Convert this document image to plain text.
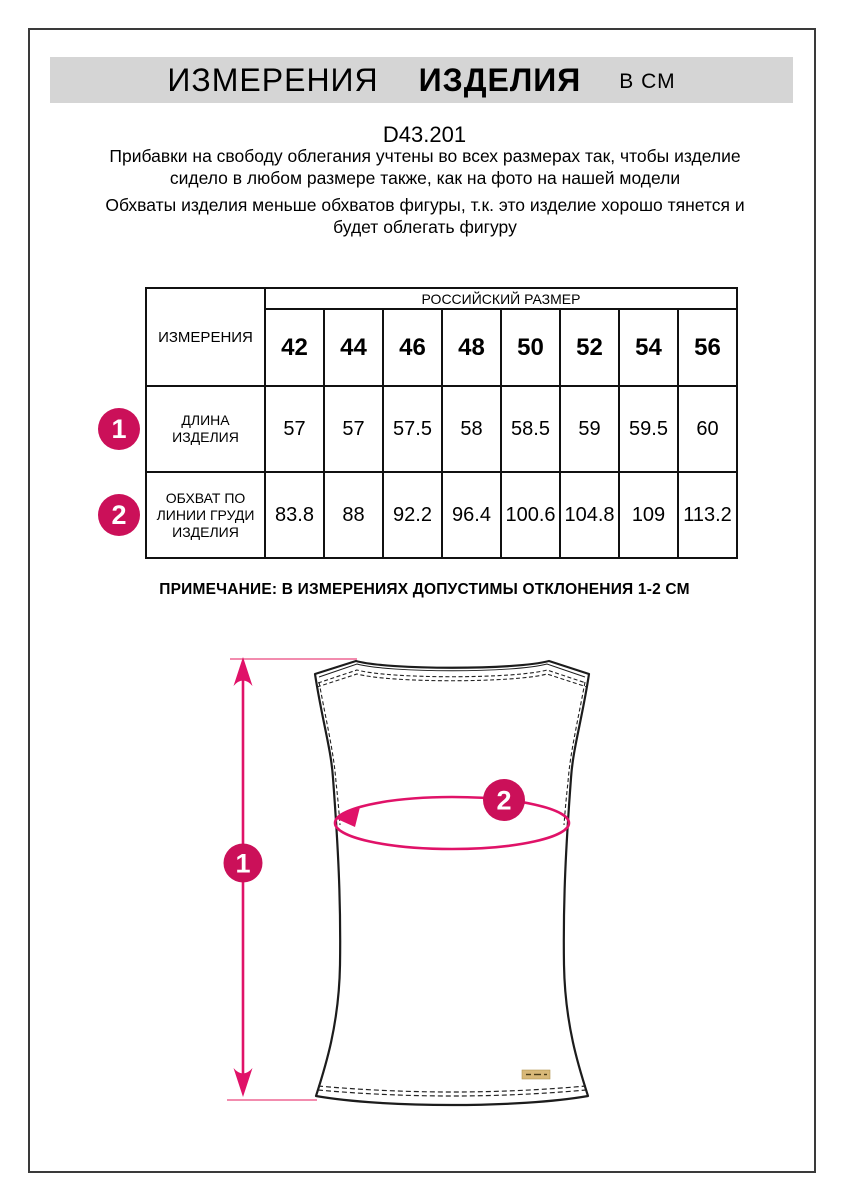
ИЗМЕРЕНИЯ ИЗДЕЛИЯ В СМ
D43.201

Прибавки на свободу облегания учтены во всех размерах так, чтобы изделие сидело в любом размере также, как на фото на нашей модели

Обхваты изделия меньше обхватов фигуры, т.к. это изделие хорошо тянется и будет облегать фигуру

ИЗМЕРЕНИЯ	РОССИЙСКИЙ РАЗМЕР							
	42	44	46	48	50	52	54	56
ДЛИНА ИЗДЕЛИЯ	57	57	57.5	58	58.5	59	59.5	60
ОБХВАТ ПО ЛИНИИ ГРУДИ ИЗДЕЛИЯ	83.8	88	92.2	96.4	100.6	104.8	109	113.2
1
2
ПРИМЕЧАНИЕ: В ИЗМЕРЕНИЯХ ДОПУСТИМЫ ОТКЛОНЕНИЯ 1-2 СМ
1
2
